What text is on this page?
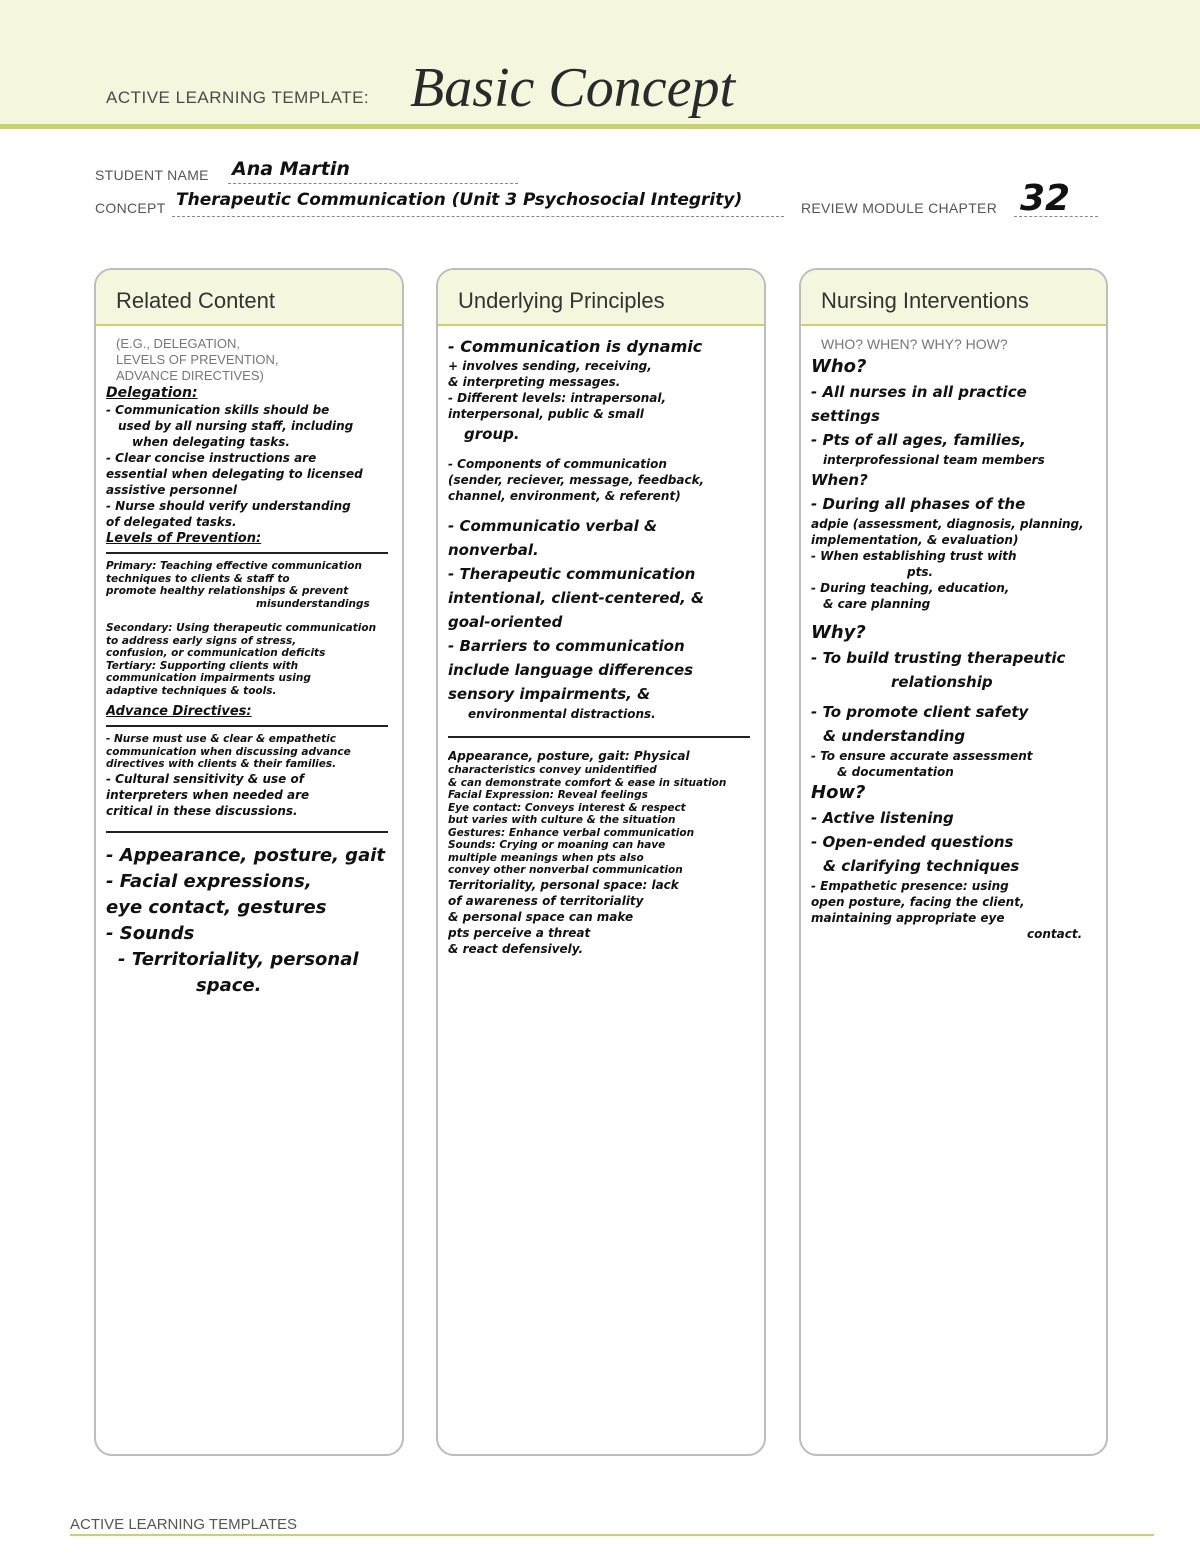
ACTIVE LEARNING TEMPLATE: Basic Concept
STUDENT NAME Ana Martin
CONCEPT Therapeutic Communication (Unit 3 Psychosocial Integrity)	REVIEW MODULE CHAPTER 32
Related Content
(E.G., DELEGATION,
LEVELS OF PREVENTION,
ADVANCE DIRECTIVES)
Delegation:
- Communication skills should be
used by all nursing staff, including
when delegating tasks.
- Clear concise instructions are
essential when delegating to licensed
assistive personnel
- Nurse should verify understanding
of delegated tasks.
Levels of Prevention:
Primary: Teaching effective communication
techniques to clients & staff to
promote healthy relationships & prevent
misunderstandings
Secondary: Using therapeutic communication
to address early signs of stress,
confusion, or communication deficits
Tertiary: Supporting clients with
communication impairments using
adaptive techniques & tools.
Advance Directives:
- Nurse must use & clear & empathetic
communication when discussing advance
directives with clients & their families.
- Cultural sensitivity & use of
interpreters when needed are
critical in these discussions.
- Appearance, posture, gait
- Facial expressions,
eye contact, gestures
- Sounds
- Territoriality, personal
space.
Underlying Principles
- Communication is dynamic
+ involves sending, receiving,
& interpreting messages.
- Different levels: intrapersonal,
interpersonal, public & small
group.
- Components of communication
(sender, reciever, message, feedback,
channel, environment, & referent)
- Communicatio verbal &
nonverbal.
- Therapeutic communication
intentional, client-centered, &
goal-oriented
- Barriers to communication
include language differences
sensory impairments, &
environmental distractions.
Appearance, posture, gait: Physical
characteristics convey unidentified
& can demonstrate comfort & ease in situation
Facial Expression: Reveal feelings
Eye contact: Conveys interest & respect
but varies with culture & the situation
Gestures: Enhance verbal communication
Sounds: Crying or moaning can have
multiple meanings when pts also
convey other nonverbal communication
Territoriality, personal space: lack
of awareness of territoriality
& personal space can make
pts perceive a threat
& react defensively.
Nursing Interventions
WHO? WHEN? WHY? HOW?
Who?
- All nurses in all practice
settings
- Pts of all ages, families,
interprofessional team members
When?
- During all phases of the
adpie (assessment, diagnosis, planning,
implementation, & evaluation)
- When establishing trust with
pts.
- During teaching, education,
& care planning
Why?
- To build trusting therapeutic
relationship
- To promote client safety
& understanding
- To ensure accurate assessment
& documentation
How?
- Active listening
- Open-ended questions
& clarifying techniques
- Empathetic presence: using
open posture, facing the client,
maintaining appropriate eye
contact.
ACTIVE LEARNING TEMPLATES
